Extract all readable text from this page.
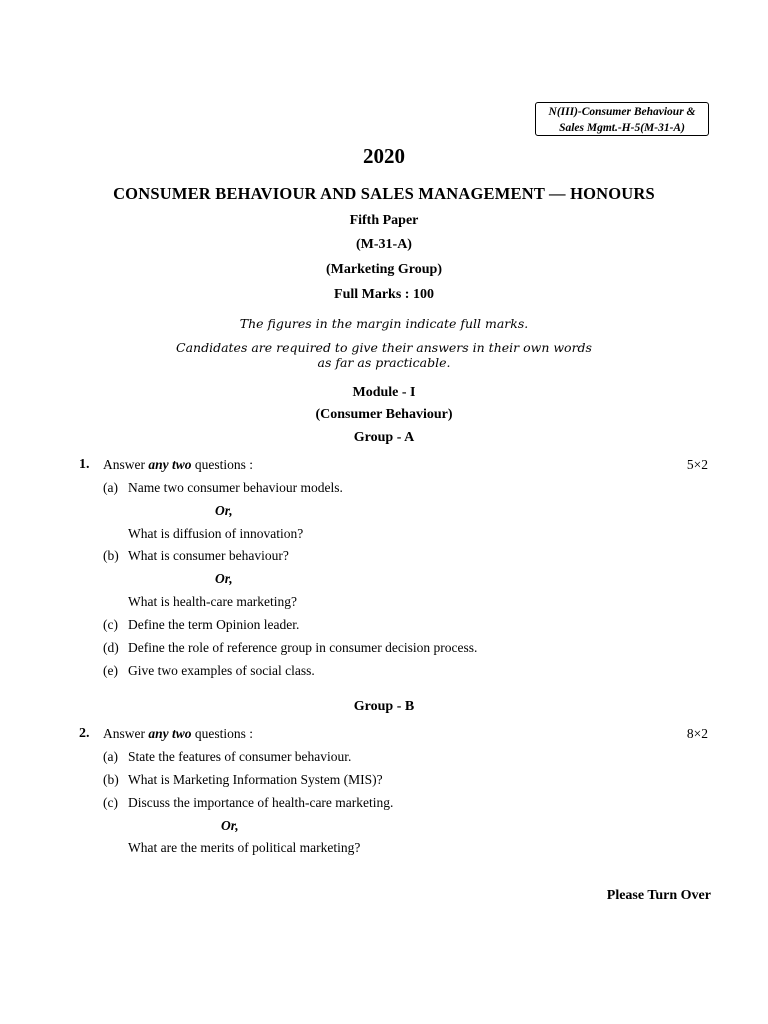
N(III)-Consumer Behaviour &
Sales Mgmt.-H-5(M-31-A)
2020
CONSUMER BEHAVIOUR AND SALES MANAGEMENT — HONOURS
Fifth Paper
(M-31-A)
(Marketing Group)
Full Marks : 100
The figures in the margin indicate full marks.
Candidates are required to give their answers in their own words
as far as practicable.
Module - I
(Consumer Behaviour)
Group - A
1. Answer any two questions :	5×2
(a) Name two consumer behaviour models.
Or,
What is diffusion of innovation?
(b) What is consumer behaviour?
Or,
What is health-care marketing?
(c) Define the term Opinion leader.
(d) Define the role of reference group in consumer decision process.
(e) Give two examples of social class.
Group - B
2. Answer any two questions :	8×2
(a) State the features of consumer behaviour.
(b) What is Marketing Information System (MIS)?
(c) Discuss the importance of health-care marketing.
Or,
What are the merits of political marketing?
Please Turn Over
